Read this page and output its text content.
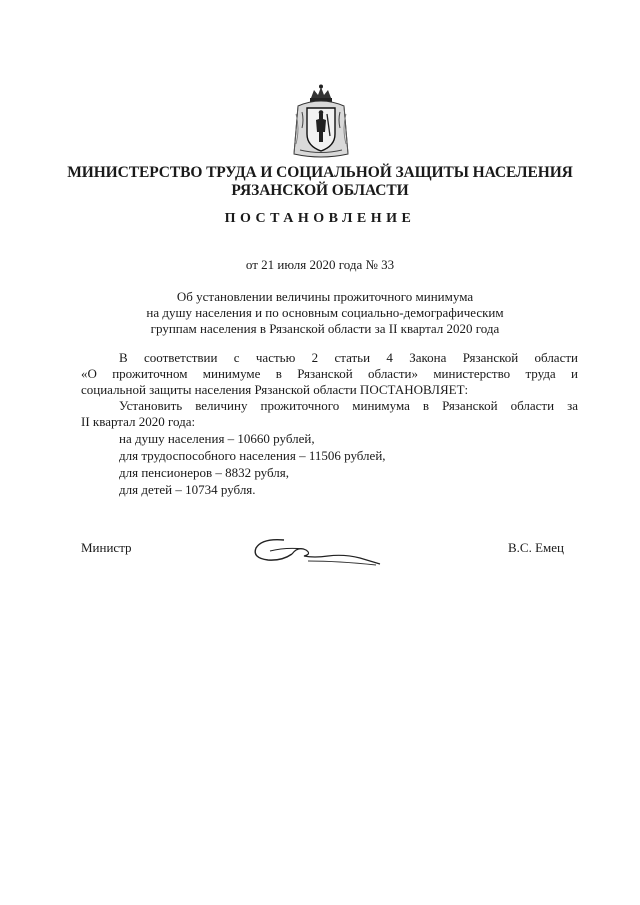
МИНИСТЕРСТВО ТРУДА И СОЦИАЛЬНОЙ ЗАЩИТЫ НАСЕЛЕНИЯ
РЯЗАНСКОЙ ОБЛАСТИ
ПОСТАНОВЛЕНИЕ
от 21 июля 2020 года № 33
Об установлении величины прожиточного минимума
на душу населения и по основным социально-демографическим
группам населения в Рязанской области за II квартал 2020 года
В соответствии с частью 2 статьи 4 Закона Рязанской области
«О прожиточном минимуме в Рязанской области» министерство труда и
социальной защиты населения Рязанской области ПОСТАНОВЛЯЕТ:
Установить величину прожиточного минимума в Рязанской области за
II квартал 2020 года:
на душу населения – 10660 рублей,
для трудоспособного населения – 11506 рублей,
для пенсионеров – 8832 рубля,
для детей – 10734 рубля.
Министр	В.С. Емец
